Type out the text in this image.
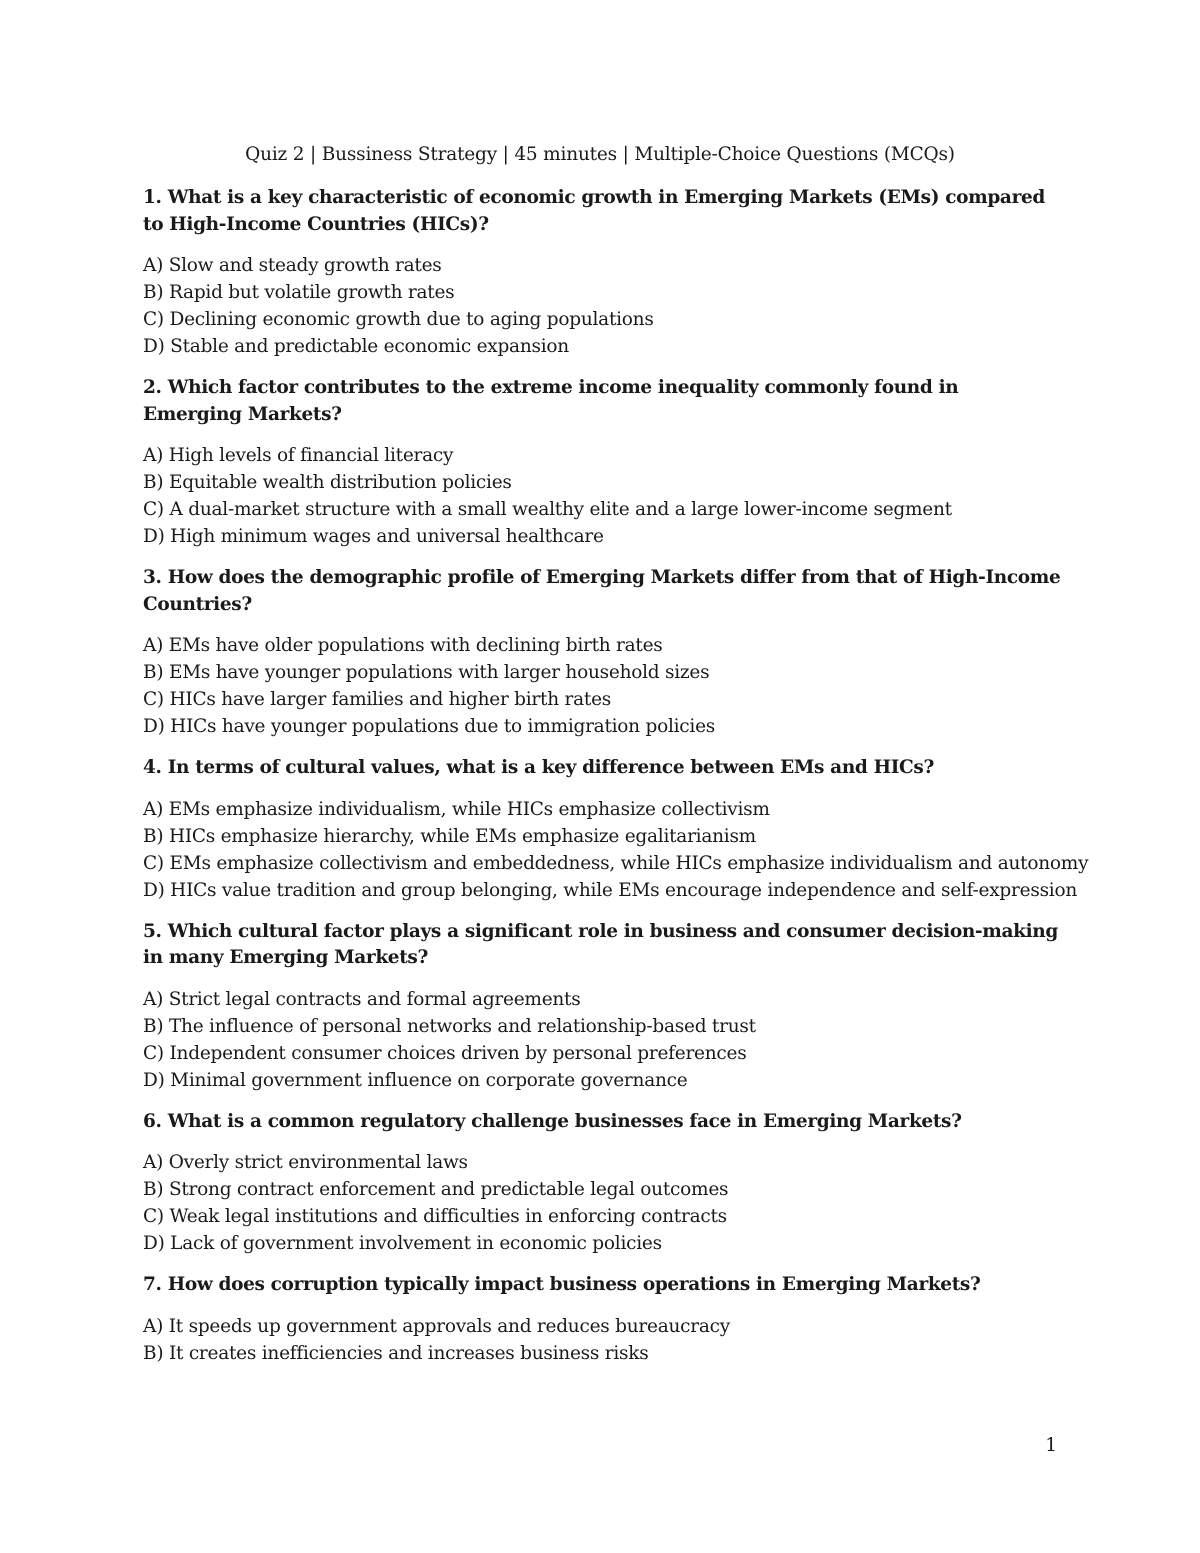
Quiz 2 | Bussiness Strategy | 45 minutes | Multiple-Choice Questions (MCQs)
1. What is a key characteristic of economic growth in Emerging Markets (EMs) compared to High-Income Countries (HICs)?
A) Slow and steady growth rates
B) Rapid but volatile growth rates
C) Declining economic growth due to aging populations
D) Stable and predictable economic expansion
2. Which factor contributes to the extreme income inequality commonly found in Emerging Markets?
A) High levels of financial literacy
B) Equitable wealth distribution policies
C) A dual-market structure with a small wealthy elite and a large lower-income segment
D) High minimum wages and universal healthcare
3. How does the demographic profile of Emerging Markets differ from that of High-Income Countries?
A) EMs have older populations with declining birth rates
B) EMs have younger populations with larger household sizes
C) HICs have larger families and higher birth rates
D) HICs have younger populations due to immigration policies
4. In terms of cultural values, what is a key difference between EMs and HICs?
A) EMs emphasize individualism, while HICs emphasize collectivism
B) HICs emphasize hierarchy, while EMs emphasize egalitarianism
C) EMs emphasize collectivism and embeddedness, while HICs emphasize individualism and autonomy
D) HICs value tradition and group belonging, while EMs encourage independence and self-expression
5. Which cultural factor plays a significant role in business and consumer decision-making in many Emerging Markets?
A) Strict legal contracts and formal agreements
B) The influence of personal networks and relationship-based trust
C) Independent consumer choices driven by personal preferences
D) Minimal government influence on corporate governance
6. What is a common regulatory challenge businesses face in Emerging Markets?
A) Overly strict environmental laws
B) Strong contract enforcement and predictable legal outcomes
C) Weak legal institutions and difficulties in enforcing contracts
D) Lack of government involvement in economic policies
7. How does corruption typically impact business operations in Emerging Markets?
A) It speeds up government approvals and reduces bureaucracy
B) It creates inefficiencies and increases business risks
1
